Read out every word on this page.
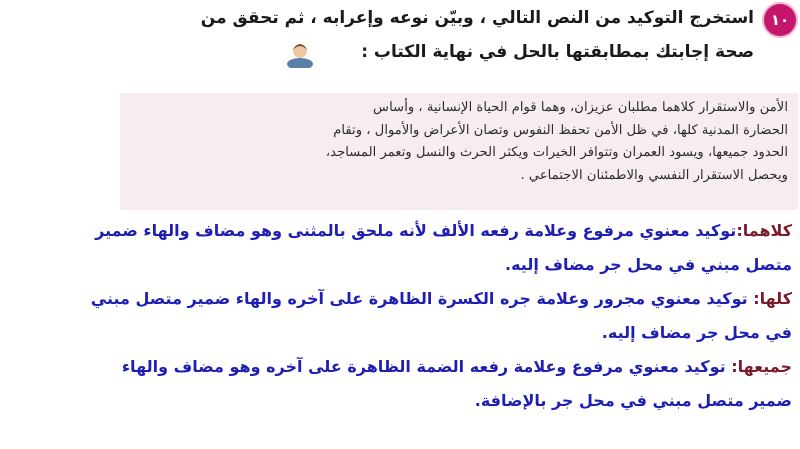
١٠
استخرج التوكيد من النص التالي ، وبيّن نوعه وإعرابه ، ثم تحقق من
صحة إجابتك بمطابقتها بالحل في نهاية الكتاب :
الأمن والاستقرار كلاهما مطلبان عزيزان، وهما قوام الحياة الإنسانية ، وأساس
الحضارة المدنية كلها، في ظل الأمن تحفظ النفوس وتصان الأعراض والأموال ، وتقام
الحدود جميعها، ويسود العمران وتتوافر الخيرات ويكثر الحرث والنسل وتعمر المساجد،
ويحصل الاستقرار النفسي والاطمئنان الاجتماعي .
كلاهما:توكيد معنوي مرفوع وعلامة رفعه الألف لأنه ملحق بالمثنى وهو مضاف والهاء ضمير
متصل مبني في محل جر مضاف إليه.
كلها: توكيد معنوي مجرور وعلامة جره الكسرة الظاهرة على آخره والهاء ضمير متصل مبني
في محل جر مضاف إليه.
جميعها: توكيد معنوي مرفوع وعلامة رفعه الضمة الظاهرة على آخره وهو مضاف والهاء
ضمير متصل مبني في محل جر بالإضافة.
